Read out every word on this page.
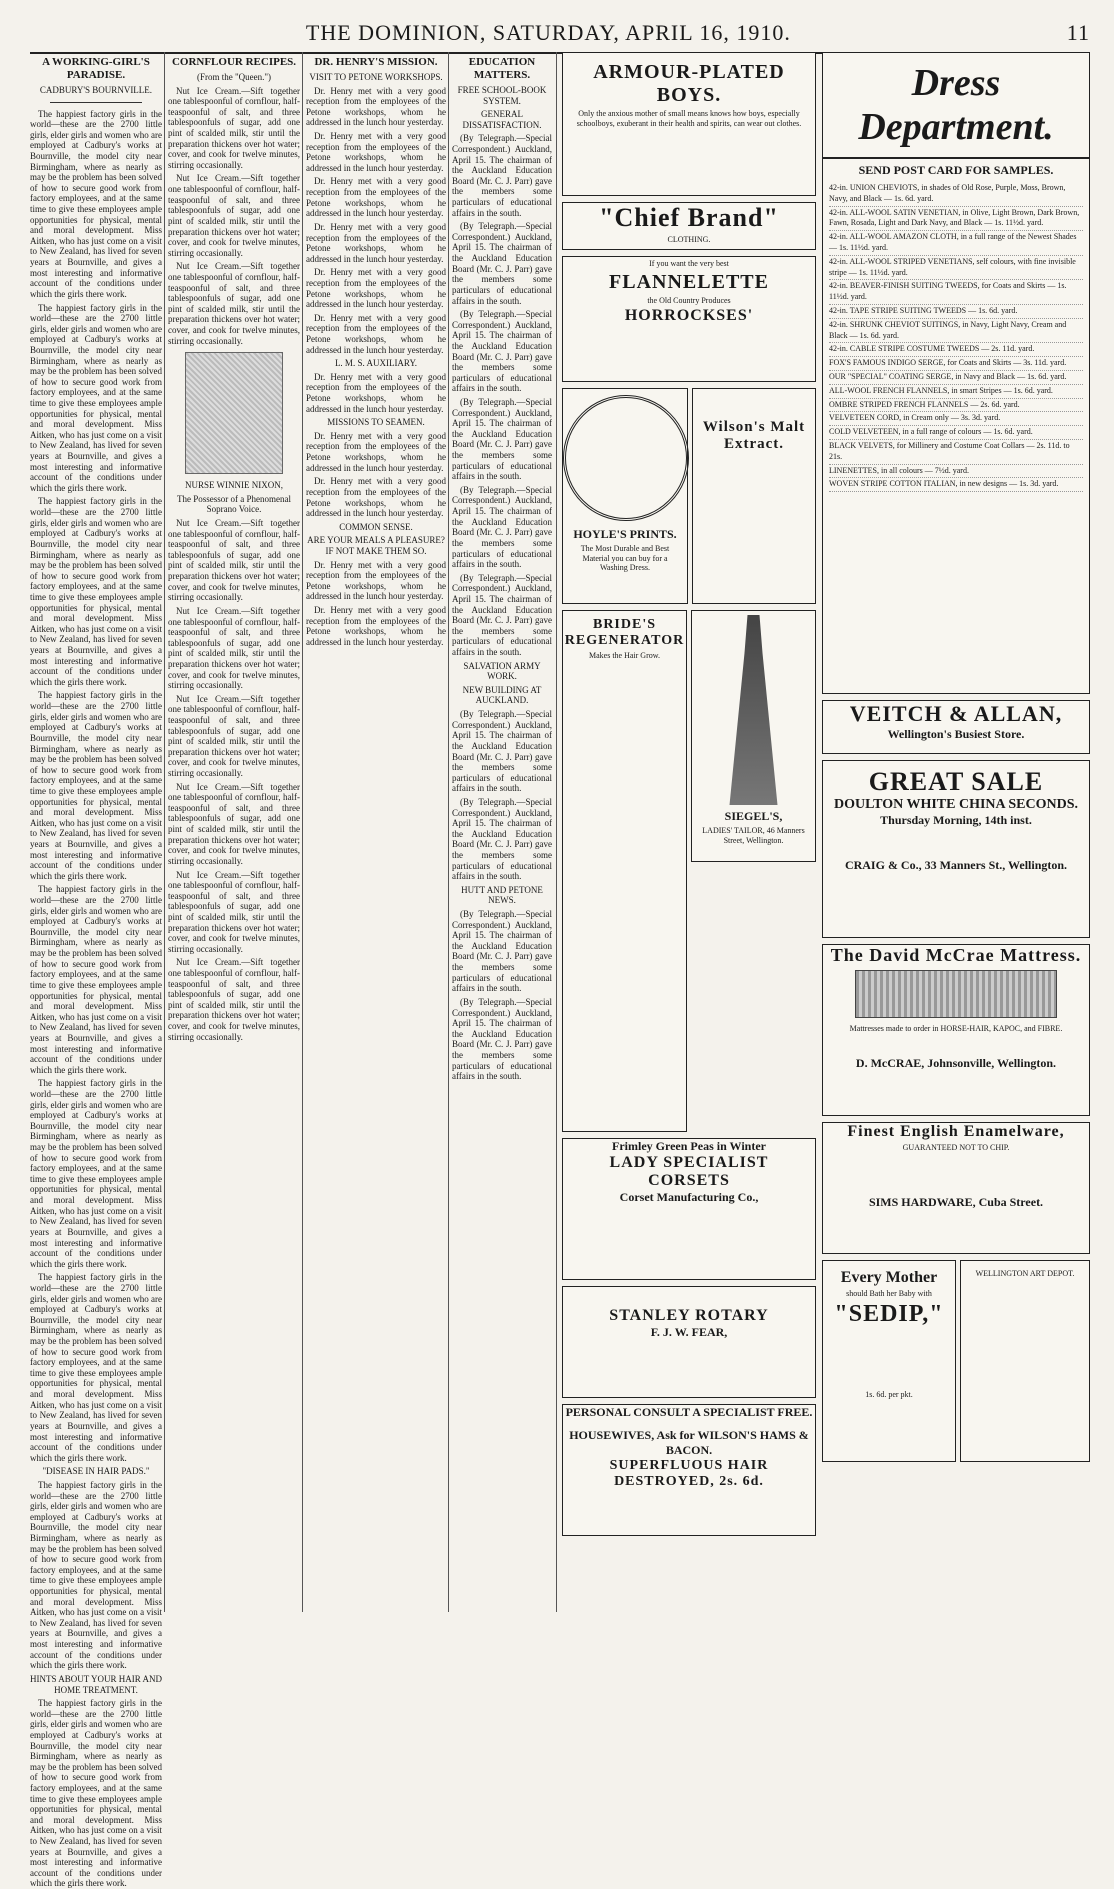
THE DOMINION, SATURDAY, APRIL 16, 1910.	11
A WORKING-GIRL'S PARADISE.
CADBURY'S BOURNVILLE.

The happiest factory girls in the world—these are the 2700 little girls, elder girls and women who are employed at Cadbury's works at Bournville, the model city near Birmingham, where as nearly as may be the problem has been solved of how to secure good work from factory employees, and at the same time to give these employees ample opportunities for physical, mental and moral development. Miss Aitken, who has just come on a visit to New Zealand, has lived for seven years at Bournville, and gives a most interesting and informative account of the conditions under which the girls there work.

The happiest factory girls in the world—these are the 2700 little girls, elder girls and women who are employed at Cadbury's works at Bournville, the model city near Birmingham, where as nearly as may be the problem has been solved of how to secure good work from factory employees, and at the same time to give these employees ample opportunities for physical, mental and moral development. Miss Aitken, who has just come on a visit to New Zealand, has lived for seven years at Bournville, and gives a most interesting and informative account of the conditions under which the girls there work.

The happiest factory girls in the world—these are the 2700 little girls, elder girls and women who are employed at Cadbury's works at Bournville, the model city near Birmingham, where as nearly as may be the problem has been solved of how to secure good work from factory employees, and at the same time to give these employees ample opportunities for physical, mental and moral development. Miss Aitken, who has just come on a visit to New Zealand, has lived for seven years at Bournville, and gives a most interesting and informative account of the conditions under which the girls there work.

The happiest factory girls in the world—these are the 2700 little girls, elder girls and women who are employed at Cadbury's works at Bournville, the model city near Birmingham, where as nearly as may be the problem has been solved of how to secure good work from factory employees, and at the same time to give these employees ample opportunities for physical, mental and moral development. Miss Aitken, who has just come on a visit to New Zealand, has lived for seven years at Bournville, and gives a most interesting and informative account of the conditions under which the girls there work.

The happiest factory girls in the world—these are the 2700 little girls, elder girls and women who are employed at Cadbury's works at Bournville, the model city near Birmingham, where as nearly as may be the problem has been solved of how to secure good work from factory employees, and at the same time to give these employees ample opportunities for physical, mental and moral development. Miss Aitken, who has just come on a visit to New Zealand, has lived for seven years at Bournville, and gives a most interesting and informative account of the conditions under which the girls there work.

The happiest factory girls in the world—these are the 2700 little girls, elder girls and women who are employed at Cadbury's works at Bournville, the model city near Birmingham, where as nearly as may be the problem has been solved of how to secure good work from factory employees, and at the same time to give these employees ample opportunities for physical, mental and moral development. Miss Aitken, who has just come on a visit to New Zealand, has lived for seven years at Bournville, and gives a most interesting and informative account of the conditions under which the girls there work.

The happiest factory girls in the world—these are the 2700 little girls, elder girls and women who are employed at Cadbury's works at Bournville, the model city near Birmingham, where as nearly as may be the problem has been solved of how to secure good work from factory employees, and at the same time to give these employees ample opportunities for physical, mental and moral development. Miss Aitken, who has just come on a visit to New Zealand, has lived for seven years at Bournville, and gives a most interesting and informative account of the conditions under which the girls there work.

"DISEASE IN HAIR PADS."

The happiest factory girls in the world—these are the 2700 little girls, elder girls and women who are employed at Cadbury's works at Bournville, the model city near Birmingham, where as nearly as may be the problem has been solved of how to secure good work from factory employees, and at the same time to give these employees ample opportunities for physical, mental and moral development. Miss Aitken, who has just come on a visit to New Zealand, has lived for seven years at Bournville, and gives a most interesting and informative account of the conditions under which the girls there work.

HINTS ABOUT YOUR HAIR AND HOME TREATMENT.

The happiest factory girls in the world—these are the 2700 little girls, elder girls and women who are employed at Cadbury's works at Bournville, the model city near Birmingham, where as nearly as may be the problem has been solved of how to secure good work from factory employees, and at the same time to give these employees ample opportunities for physical, mental and moral development. Miss Aitken, who has just come on a visit to New Zealand, has lived for seven years at Bournville, and gives a most interesting and informative account of the conditions under which the girls there work.

CORNFLOUR RECIPES.
(From the "Queen.")

Nut Ice Cream.—Sift together one tablespoonful of cornflour, half-teaspoonful of salt, and three tablespoonfuls of sugar, add one pint of scalded milk, stir until the preparation thickens over hot water; cover, and cook for twelve minutes, stirring occasionally.

Nut Ice Cream.—Sift together one tablespoonful of cornflour, half-teaspoonful of salt, and three tablespoonfuls of sugar, add one pint of scalded milk, stir until the preparation thickens over hot water; cover, and cook for twelve minutes, stirring occasionally.

Nut Ice Cream.—Sift together one tablespoonful of cornflour, half-teaspoonful of salt, and three tablespoonfuls of sugar, add one pint of scalded milk, stir until the preparation thickens over hot water; cover, and cook for twelve minutes, stirring occasionally.

NURSE WINNIE NIXON,
The Possessor of a Phenomenal Soprano Voice.

Nut Ice Cream.—Sift together one tablespoonful of cornflour, half-teaspoonful of salt, and three tablespoonfuls of sugar, add one pint of scalded milk, stir until the preparation thickens over hot water; cover, and cook for twelve minutes, stirring occasionally.

Nut Ice Cream.—Sift together one tablespoonful of cornflour, half-teaspoonful of salt, and three tablespoonfuls of sugar, add one pint of scalded milk, stir until the preparation thickens over hot water; cover, and cook for twelve minutes, stirring occasionally.

Nut Ice Cream.—Sift together one tablespoonful of cornflour, half-teaspoonful of salt, and three tablespoonfuls of sugar, add one pint of scalded milk, stir until the preparation thickens over hot water; cover, and cook for twelve minutes, stirring occasionally.

Nut Ice Cream.—Sift together one tablespoonful of cornflour, half-teaspoonful of salt, and three tablespoonfuls of sugar, add one pint of scalded milk, stir until the preparation thickens over hot water; cover, and cook for twelve minutes, stirring occasionally.

Nut Ice Cream.—Sift together one tablespoonful of cornflour, half-teaspoonful of salt, and three tablespoonfuls of sugar, add one pint of scalded milk, stir until the preparation thickens over hot water; cover, and cook for twelve minutes, stirring occasionally.

Nut Ice Cream.—Sift together one tablespoonful of cornflour, half-teaspoonful of salt, and three tablespoonfuls of sugar, add one pint of scalded milk, stir until the preparation thickens over hot water; cover, and cook for twelve minutes, stirring occasionally.

DR. HENRY'S MISSION.
VISIT TO PETONE WORKSHOPS.

Dr. Henry met with a very good reception from the employees of the Petone workshops, whom he addressed in the lunch hour yesterday.

Dr. Henry met with a very good reception from the employees of the Petone workshops, whom he addressed in the lunch hour yesterday.

Dr. Henry met with a very good reception from the employees of the Petone workshops, whom he addressed in the lunch hour yesterday.

Dr. Henry met with a very good reception from the employees of the Petone workshops, whom he addressed in the lunch hour yesterday.

Dr. Henry met with a very good reception from the employees of the Petone workshops, whom he addressed in the lunch hour yesterday.

Dr. Henry met with a very good reception from the employees of the Petone workshops, whom he addressed in the lunch hour yesterday.

L. M. S. AUXILIARY.

Dr. Henry met with a very good reception from the employees of the Petone workshops, whom he addressed in the lunch hour yesterday.

MISSIONS TO SEAMEN.

Dr. Henry met with a very good reception from the employees of the Petone workshops, whom he addressed in the lunch hour yesterday.

Dr. Henry met with a very good reception from the employees of the Petone workshops, whom he addressed in the lunch hour yesterday.

COMMON SENSE.
ARE YOUR MEALS A PLEASURE? IF NOT MAKE THEM SO.

Dr. Henry met with a very good reception from the employees of the Petone workshops, whom he addressed in the lunch hour yesterday.

Dr. Henry met with a very good reception from the employees of the Petone workshops, whom he addressed in the lunch hour yesterday.

EDUCATION MATTERS.
FREE SCHOOL-BOOK SYSTEM.
GENERAL DISSATISFACTION.

(By Telegraph.—Special Correspondent.) Auckland, April 15. The chairman of the Auckland Education Board (Mr. C. J. Parr) gave the members some particulars of educational affairs in the south.

(By Telegraph.—Special Correspondent.) Auckland, April 15. The chairman of the Auckland Education Board (Mr. C. J. Parr) gave the members some particulars of educational affairs in the south.

(By Telegraph.—Special Correspondent.) Auckland, April 15. The chairman of the Auckland Education Board (Mr. C. J. Parr) gave the members some particulars of educational affairs in the south.

(By Telegraph.—Special Correspondent.) Auckland, April 15. The chairman of the Auckland Education Board (Mr. C. J. Parr) gave the members some particulars of educational affairs in the south.

(By Telegraph.—Special Correspondent.) Auckland, April 15. The chairman of the Auckland Education Board (Mr. C. J. Parr) gave the members some particulars of educational affairs in the south.

(By Telegraph.—Special Correspondent.) Auckland, April 15. The chairman of the Auckland Education Board (Mr. C. J. Parr) gave the members some particulars of educational affairs in the south.

SALVATION ARMY WORK.
NEW BUILDING AT AUCKLAND.

(By Telegraph.—Special Correspondent.) Auckland, April 15. The chairman of the Auckland Education Board (Mr. C. J. Parr) gave the members some particulars of educational affairs in the south.

(By Telegraph.—Special Correspondent.) Auckland, April 15. The chairman of the Auckland Education Board (Mr. C. J. Parr) gave the members some particulars of educational affairs in the south.

HUTT AND PETONE NEWS.

(By Telegraph.—Special Correspondent.) Auckland, April 15. The chairman of the Auckland Education Board (Mr. C. J. Parr) gave the members some particulars of educational affairs in the south.

(By Telegraph.—Special Correspondent.) Auckland, April 15. The chairman of the Auckland Education Board (Mr. C. J. Parr) gave the members some particulars of educational affairs in the south.

ARMOUR-PLATED BOYS.
Only the anxious mother of small means knows how boys, especially schoolboys, exuberant in their health and spirits, can wear out clothes.
"Chief Brand"
CLOTHING.
If you want the very best
FLANNELETTE
the Old Country Produces
HORROCKSES'
HOYLE'S PRINTS.
The Most Durable and Best Material you can buy for a Washing Dress.
Wilson's Malt Extract.
BRIDE'S REGENERATOR
Makes the Hair Grow.
SIEGEL'S,
LADIES' TAILOR, 46 Manners Street, Wellington.
Frimley Green Peas in Winter
LADY SPECIALIST
CORSETS
Corset Manufacturing Co.,
STANLEY ROTARY
F. J. W. FEAR,
PERSONAL CONSULT A SPECIALIST FREE.
HOUSEWIVES, Ask for WILSON'S HAMS & BACON.
SUPERFLUOUS HAIR DESTROYED, 2s. 6d.
Dress Department.
SEND POST CARD FOR SAMPLES.
42-in. UNION CHEVIOTS, in shades of Old Rose, Purple, Moss, Brown, Navy, and Black — 1s. 6d. yard.
42-in. ALL-WOOL SATIN VENETIAN, in Olive, Light Brown, Dark Brown, Fawn, Rosada, Light and Dark Navy, and Black — 1s. 11½d. yard.
42-in. ALL-WOOL AMAZON CLOTH, in a full range of the Newest Shades — 1s. 11½d. yard.
42-in. ALL-WOOL STRIPED VENETIANS, self colours, with fine invisible stripe — 1s. 11½d. yard.
42-in. BEAVER-FINISH SUITING TWEEDS, for Coats and Skirts — 1s. 11½d. yard.
42-in. TAPE STRIPE SUITING TWEEDS — 1s. 6d. yard.
42-in. SHRUNK CHEVIOT SUITINGS, in Navy, Light Navy, Cream and Black — 1s. 6d. yard.
42-in. CABLE STRIPE COSTUME TWEEDS — 2s. 11d. yard.
FOX'S FAMOUS INDIGO SERGE, for Coats and Skirts — 3s. 11d. yard.
OUR "SPECIAL" COATING SERGE, in Navy and Black — 1s. 6d. yard.
ALL-WOOL FRENCH FLANNELS, in smart Stripes — 1s. 6d. yard.
OMBRE STRIPED FRENCH FLANNELS — 2s. 6d. yard.
VELVETEEN CORD, in Cream only — 3s. 3d. yard.
COLD VELVETEEN, in a full range of colours — 1s. 6d. yard.
BLACK VELVETS, for Millinery and Costume Coat Collars — 2s. 11d. to 21s.
LINENETTES, in all colours — 7½d. yard.
WOVEN STRIPE COTTON ITALIAN, in new designs — 1s. 3d. yard.
VEITCH & ALLAN,
Wellington's Busiest Store.
GREAT SALE
DOULTON WHITE CHINA SECONDS.
Thursday Morning, 14th inst.
CRAIG & Co., 33 Manners St., Wellington.
The David McCrae Mattress.
Mattresses made to order in HORSE-HAIR, KAPOC, and FIBRE.
D. McCRAE, Johnsonville, Wellington.
Finest English Enamelware,
GUARANTEED NOT TO CHIP.
SIMS HARDWARE, Cuba Street.
Every Mother
should Bath her Baby with
"SEDIP,"
1s. 6d. per pkt.
WELLINGTON ART DEPOT.
